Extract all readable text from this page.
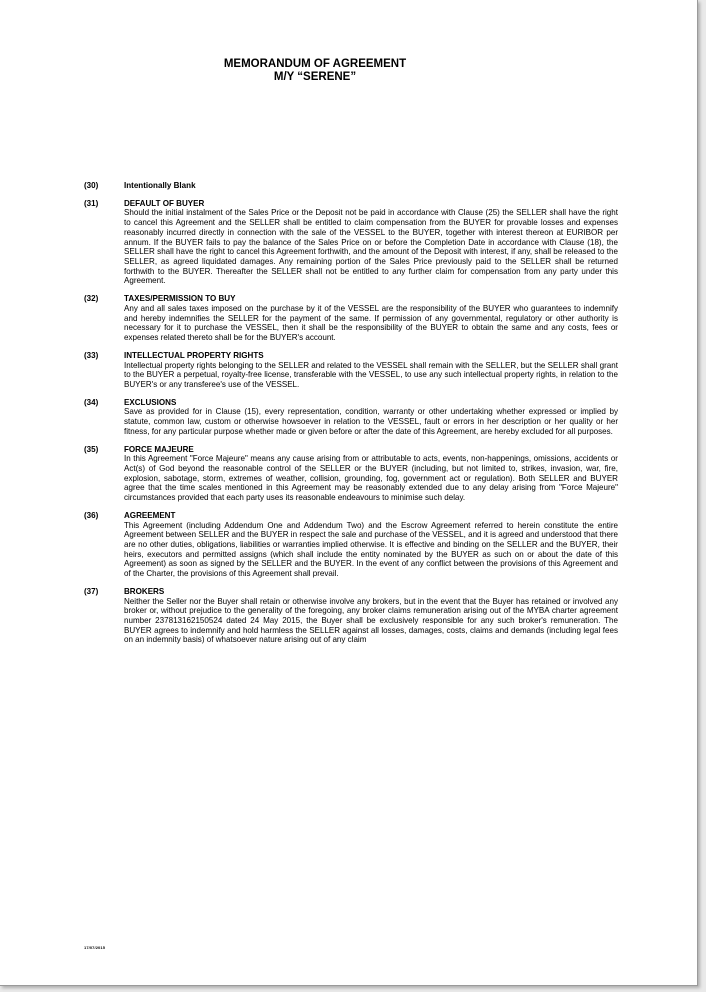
MEMORANDUM OF AGREEMENT
M/Y “SERENE”
(30)	Intentionally Blank
(31)	DEFAULT OF BUYER
Should the initial instalment of the Sales Price or the Deposit not be paid in accordance with Clause (25) the SELLER shall have the right to cancel this Agreement and the SELLER shall be entitled to claim compensation from the BUYER for provable losses and expenses reasonably incurred directly in connection with the sale of the VESSEL to the BUYER, together with interest thereon at EURIBOR per annum. If the BUYER fails to pay the balance of the Sales Price on or before the Completion Date in accordance with Clause (18), the SELLER shall have the right to cancel this Agreement forthwith, and the amount of the Deposit with interest, if any, shall be released to the SELLER, as agreed liquidated damages. Any remaining portion of the Sales Price previously paid to the SELLER shall be returned forthwith to the BUYER. Thereafter the SELLER shall not be entitled to any further claim for compensation from any party under this Agreement.
(32)	TAXES/PERMISSION TO BUY
Any and all sales taxes imposed on the purchase by it of the VESSEL are the responsibility of the BUYER who guarantees to indemnify and hereby indemnifies the SELLER for the payment of the same. If permission of any governmental, regulatory or other authority is necessary for it to purchase the VESSEL, then it shall be the responsibility of the BUYER to obtain the same and any costs, fees or expenses related thereto shall be for the BUYER's account.
(33)	INTELLECTUAL PROPERTY RIGHTS
Intellectual property rights belonging to the SELLER and related to the VESSEL shall remain with the SELLER, but the SELLER shall grant to the BUYER a perpetual, royalty-free license, transferable with the VESSEL, to use any such intellectual property rights, in relation to the BUYER's or any transferee's use of the VESSEL.
(34)	EXCLUSIONS
Save as provided for in Clause (15), every representation, condition, warranty or other undertaking whether expressed or implied by statute, common law, custom or otherwise howsoever in relation to the VESSEL, fault or errors in her description or her quality or her fitness, for any particular purpose whether made or given before or after the date of this Agreement, are hereby excluded for all purposes.
(35)	FORCE MAJEURE
In this Agreement "Force Majeure" means any cause arising from or attributable to acts, events, non-happenings, omissions, accidents or Act(s) of God beyond the reasonable control of the SELLER or the BUYER (including, but not limited to, strikes, invasion, war, fire, explosion, sabotage, storm, extremes of weather, collision, grounding, fog, government act or regulation). Both SELLER and BUYER agree that the time scales mentioned in this Agreement may be reasonably extended due to any delay arising from "Force Majeure" circumstances provided that each party uses its reasonable endeavours to minimise such delay.
(36)	AGREEMENT
This Agreement (including Addendum One and Addendum Two) and the Escrow Agreement referred to herein constitute the entire Agreement between SELLER and the BUYER in respect the sale and purchase of the VESSEL, and it is agreed and understood that there are no other duties, obligations, liabilities or warranties implied otherwise. It is effective and binding on the SELLER and the BUYER, their heirs, executors and permitted assigns (which shall include the entity nominated by the BUYER as such on or about the date of this Agreement) as soon as signed by the SELLER and the BUYER. In the event of any conflict between the provisions of this Agreement and of the Charter, the provisions of this Agreement shall prevail.
(37)	BROKERS
Neither the Seller nor the Buyer shall retain or otherwise involve any brokers, but in the event that the Buyer has retained or involved any broker or, without prejudice to the generality of the foregoing, any broker claims remuneration arising out of the MYBA charter agreement number 237813162150524 dated 24 May 2015, the Buyer shall be exclusively responsible for any such broker's remuneration. The BUYER agrees to indemnify and hold harmless the SELLER against all losses, damages, costs, claims and demands (including legal fees on an indemnity basis) of whatsoever nature arising out of any claim
17/07/2015
